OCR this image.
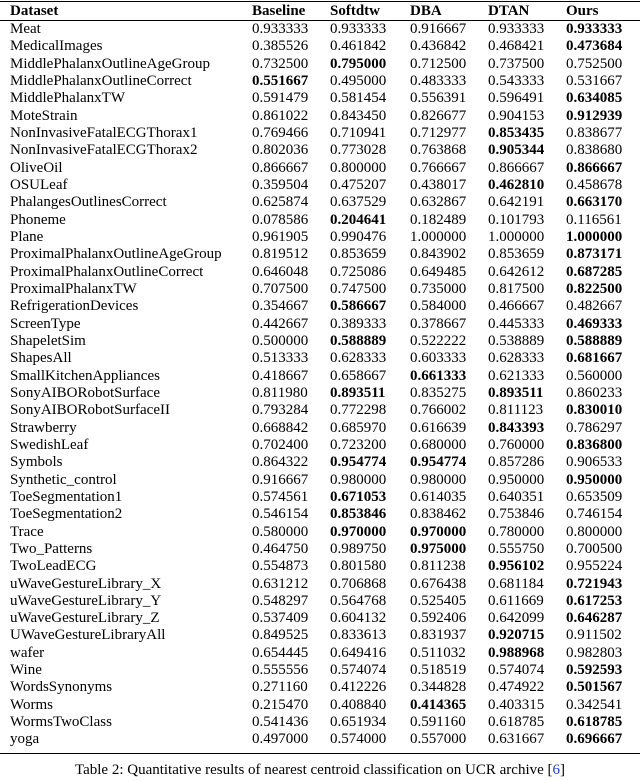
Dataset	Baseline	Softdtw	DBA	DTAN	Ours
Meat	0.933333	0.933333	0.916667	0.933333	0.933333
MedicalImages	0.385526	0.461842	0.436842	0.468421	0.473684
MiddlePhalanxOutlineAgeGroup	0.732500	0.795000	0.712500	0.737500	0.752500
MiddlePhalanxOutlineCorrect	0.551667	0.495000	0.483333	0.543333	0.531667
MiddlePhalanxTW	0.591479	0.581454	0.556391	0.596491	0.634085
MoteStrain	0.861022	0.843450	0.826677	0.904153	0.912939
NonInvasiveFatalECGThorax1	0.769466	0.710941	0.712977	0.853435	0.838677
NonInvasiveFatalECGThorax2	0.802036	0.773028	0.763868	0.905344	0.838680
OliveOil	0.866667	0.800000	0.766667	0.866667	0.866667
OSULeaf	0.359504	0.475207	0.438017	0.462810	0.458678
PhalangesOutlinesCorrect	0.625874	0.637529	0.632867	0.642191	0.663170
Phoneme	0.078586	0.204641	0.182489	0.101793	0.116561
Plane	0.961905	0.990476	1.000000	1.000000	1.000000
ProximalPhalanxOutlineAgeGroup	0.819512	0.853659	0.843902	0.853659	0.873171
ProximalPhalanxOutlineCorrect	0.646048	0.725086	0.649485	0.642612	0.687285
ProximalPhalanxTW	0.707500	0.747500	0.735000	0.817500	0.822500
RefrigerationDevices	0.354667	0.586667	0.584000	0.466667	0.482667
ScreenType	0.442667	0.389333	0.378667	0.445333	0.469333
ShapeletSim	0.500000	0.588889	0.522222	0.538889	0.588889
ShapesAll	0.513333	0.628333	0.603333	0.628333	0.681667
SmallKitchenAppliances	0.418667	0.658667	0.661333	0.621333	0.560000
SonyAIBORobotSurface	0.811980	0.893511	0.835275	0.893511	0.860233
SonyAIBORobotSurfaceII	0.793284	0.772298	0.766002	0.811123	0.830010
Strawberry	0.668842	0.685970	0.616639	0.843393	0.786297
SwedishLeaf	0.702400	0.723200	0.680000	0.760000	0.836800
Symbols	0.864322	0.954774	0.954774	0.857286	0.906533
Synthetic_control	0.916667	0.980000	0.980000	0.950000	0.950000
ToeSegmentation1	0.574561	0.671053	0.614035	0.640351	0.653509
ToeSegmentation2	0.546154	0.853846	0.838462	0.753846	0.746154
Trace	0.580000	0.970000	0.970000	0.780000	0.800000
Two_Patterns	0.464750	0.989750	0.975000	0.555750	0.700500
TwoLeadECG	0.554873	0.801580	0.811238	0.956102	0.955224
uWaveGestureLibrary_X	0.631212	0.706868	0.676438	0.681184	0.721943
uWaveGestureLibrary_Y	0.548297	0.564768	0.525405	0.611669	0.617253
uWaveGestureLibrary_Z	0.537409	0.604132	0.592406	0.642099	0.646287
UWaveGestureLibraryAll	0.849525	0.833613	0.831937	0.920715	0.911502
wafer	0.654445	0.649416	0.511032	0.988968	0.982803
Wine	0.555556	0.574074	0.518519	0.574074	0.592593
WordsSynonyms	0.271160	0.412226	0.344828	0.474922	0.501567
Worms	0.215470	0.408840	0.414365	0.403315	0.342541
WormsTwoClass	0.541436	0.651934	0.591160	0.618785	0.618785
yoga	0.497000	0.574000	0.557000	0.631667	0.696667
Table 2: Quantitative results of nearest centroid classification on UCR archive [6]
